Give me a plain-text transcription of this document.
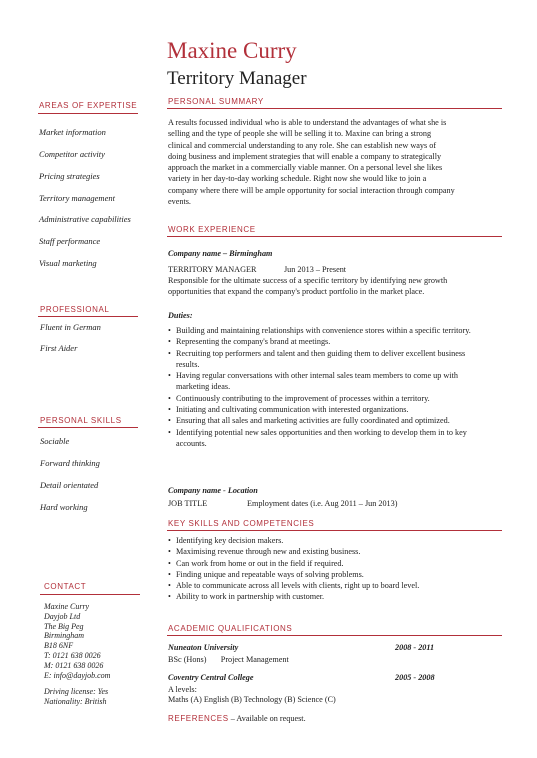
Maxine Curry
Territory Manager
AREAS OF EXPERTISE
Market information
Competitor activity
Pricing strategies
Territory management
Administrative capabilities
Staff performance
Visual marketing
PROFESSIONAL
Fluent in German
First Aider
PERSONAL SKILLS
Sociable
Forward thinking
Detail orientated
Hard working
CONTACT
Maxine Curry
Dayjob Ltd
The Big Peg
Birmingham
B18 6NF
T: 0121 638 0026
M: 0121 638 0026
E: info@dayjob.com
Driving license: Yes
Nationality: British
PERSONAL SUMMARY
A results focussed individual who is able to understand the advantages of what she is
selling and the type of people she will be selling it to. Maxine can bring a strong
clinical and commercial understanding to any role. She can establish new ways of
doing business and implement strategies that will enable a company to strategically
approach the market in a commercially viable manner. On a personal level she likes
variety in her day-to-day working schedule. Right now she would like to join a
company where there will be ample opportunity for social interaction through company
events.
WORK EXPERIENCE
Company name – Birmingham
TERRITORY MANAGER	Jun 2013 – Present
Responsible for the ultimate success of a specific territory by identifying new growth
opportunities that expand the company's product portfolio in the market place.
Duties:
• Building and maintaining relationships with convenience stores within a specific territory.
• Representing the company's brand at meetings.
• Recruiting top performers and talent and then guiding them to deliver excellent business results.
• Having regular conversations with other internal sales team members to come up with marketing ideas.
• Continuously contributing to the improvement of processes within a territory.
• Initiating and cultivating communication with interested organizations.
• Ensuring that all sales and marketing activities are fully coordinated and optimized.
• Identifying potential new sales opportunities and then working to develop them in to key accounts.
Company name - Location
JOB TITLE	Employment dates (i.e. Aug 2011 – Jun 2013)
KEY SKILLS AND COMPETENCIES
• Identifying key decision makers.
• Maximising revenue through new and existing business.
• Can work from home or out in the field if required.
• Finding unique and repeatable ways of solving problems.
• Able to communicate across all levels with clients, right up to board level.
• Ability to work in partnership with customer.
ACADEMIC QUALIFICATIONS
Nuneaton University	2008 - 2011
BSc (Hons)       Project Management
Coventry Central College	2005 - 2008
A levels:
Maths (A) English (B) Technology (B) Science (C)
REFERENCES – Available on request.
